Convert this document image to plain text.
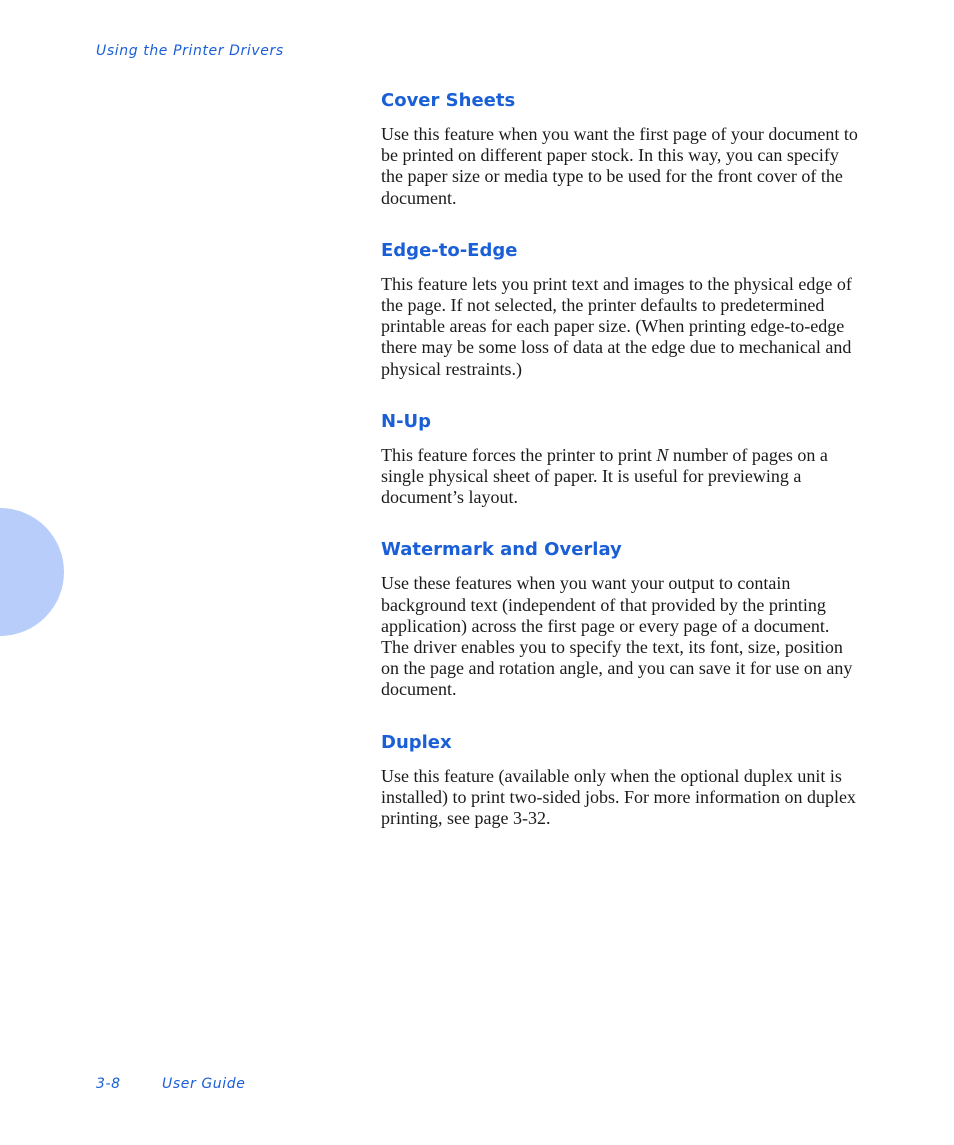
Using the Printer Drivers
Cover Sheets

Use this feature when you want the first page of your document to be printed on different paper stock. In this way, you can specify the paper size or media type to be used for the front cover of the document.

Edge-to-Edge

This feature lets you print text and images to the physical edge of the page. If not selected, the printer defaults to predetermined printable areas for each paper size. (When printing edge-to-edge there may be some loss of data at the edge due to mechanical and physical restraints.)

N-Up

This feature forces the printer to print N number of pages on a single physical sheet of paper. It is useful for previewing a document’s layout.

Watermark and Overlay

Use these features when you want your output to contain background text (independent of that provided by the printing application) across the first page or every page of a document. The driver enables you to specify the text, its font, size, position on the page and rotation angle, and you can save it for use on any document.

Duplex

Use this feature (available only when the optional duplex unit is installed) to print two-sided jobs. For more information on duplex printing, see page 3-32.

3-8	User Guide
